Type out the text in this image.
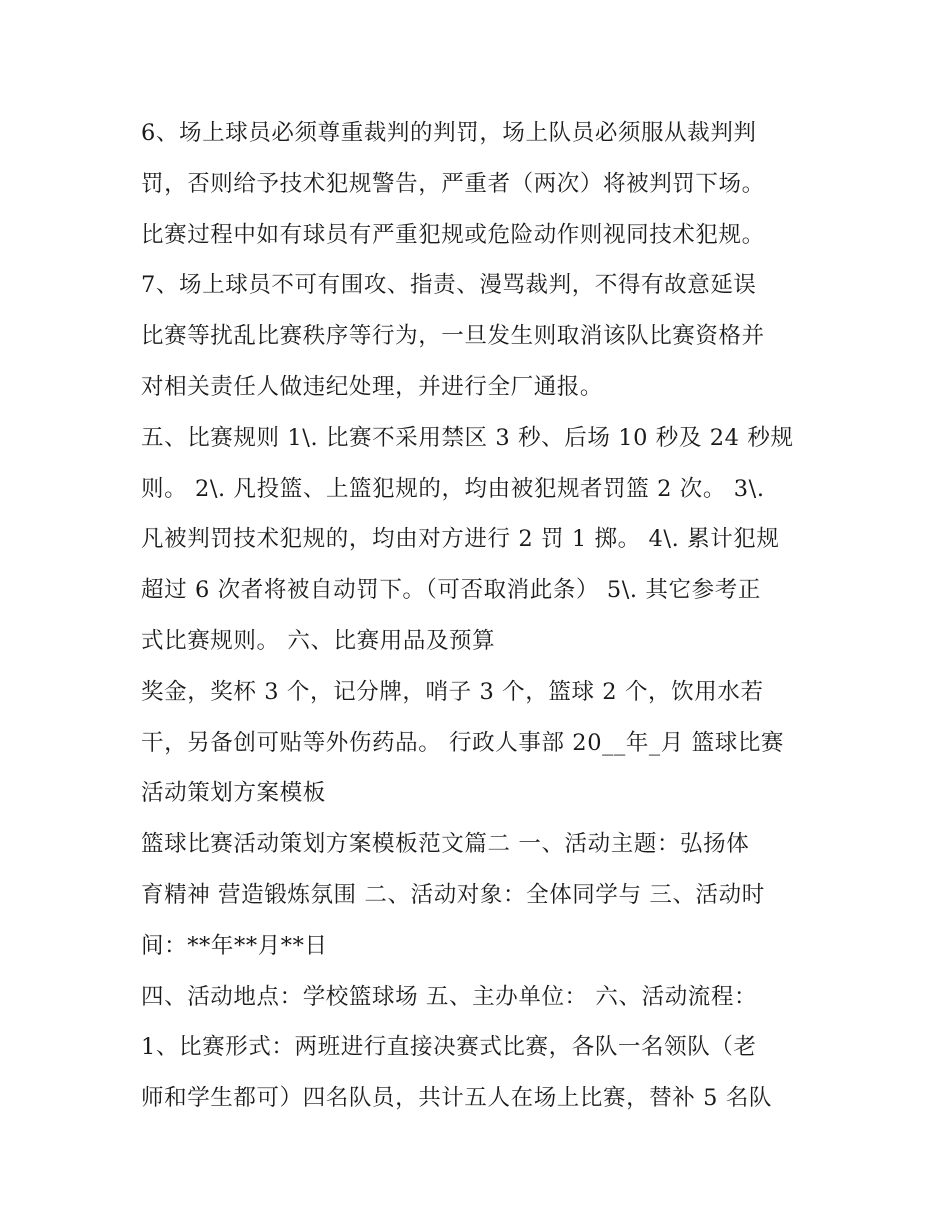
6、场上球员必须尊重裁判的判罚，场上队员必须服从裁判判
罚，否则给予技术犯规警告，严重者（两次）将被判罚下场。
比赛过程中如有球员有严重犯规或危险动作则视同技术犯规。
7、场上球员不可有围攻、指责、漫骂裁判，不得有故意延误
比赛等扰乱比赛秩序等行为，一旦发生则取消该队比赛资格并
对相关责任人做违纪处理，并进行全厂通报。
五、比赛规则 1\. 比赛不采用禁区 3 秒、后场 10 秒及 24 秒规
则。 2\. 凡投篮、上篮犯规的，均由被犯规者罚篮 2 次。 3\.
凡被判罚技术犯规的，均由对方进行 2 罚 1 掷。 4\. 累计犯规
超过 6 次者将被自动罚下。（可否取消此条） 5\. 其它参考正
式比赛规则。 六、比赛用品及预算
奖金，奖杯 3 个，记分牌，哨子 3 个，篮球 2 个，饮用水若
干，另备创可贴等外伤药品。 行政人事部 20__年_月 篮球比赛
活动策划方案模板
篮球比赛活动策划方案模板范文篇二 一、活动主题：弘扬体
育精神 营造锻炼氛围 二、活动对象：全体同学与 三、活动时
间：**年**月**日
四、活动地点：学校篮球场 五、主办单位： 六、活动流程：
1、比赛形式：两班进行直接决赛式比赛，各队一名领队（老
师和学生都可）四名队员，共计五人在场上比赛，替补 5 名队
